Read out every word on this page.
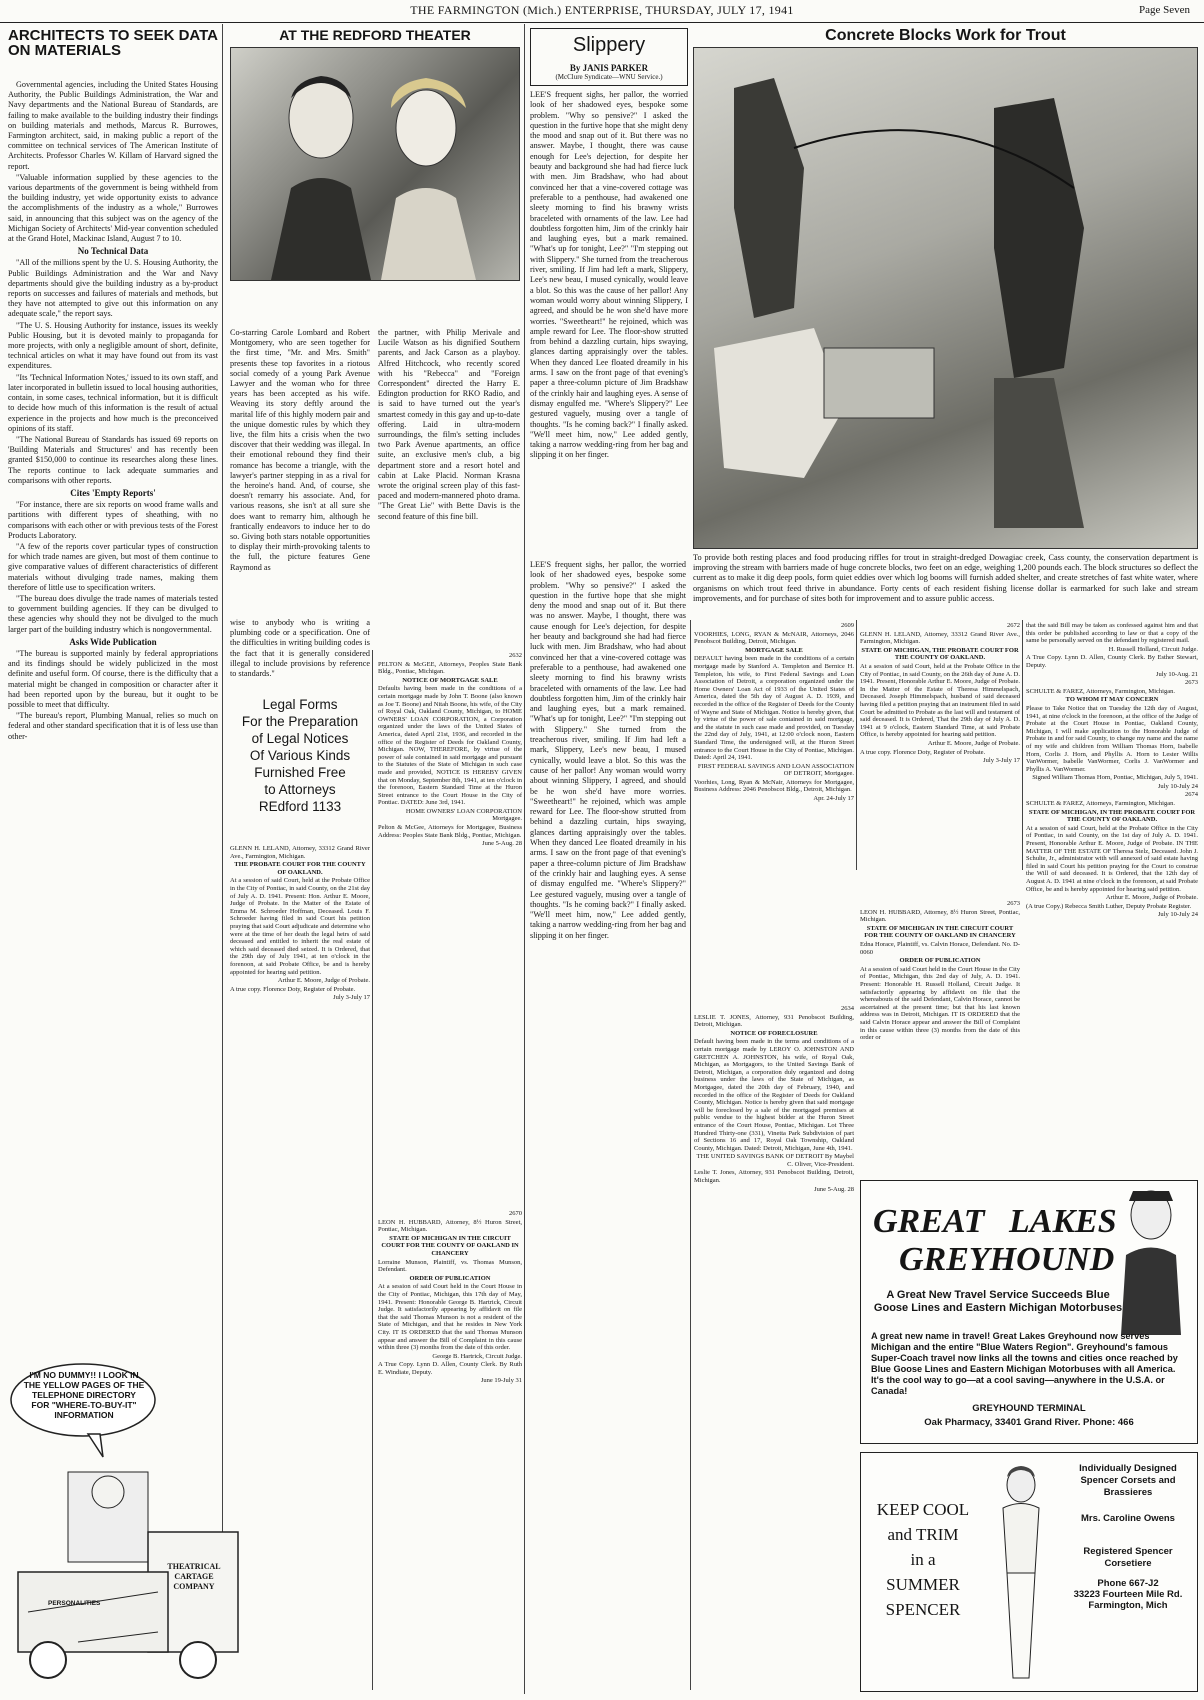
THE FARMINGTON (Mich.) ENTERPRISE, THURSDAY, JULY 17, 1941	Page Seven
ARCHITECTS TO SEEK DATA ON MATERIALS

Governmental agencies, including the United States Housing Authority, the Public Buildings Administration, the War and Navy departments and the National Bureau of Standards, are failing to make available to the building industry their findings on building materials and methods, Marcus R. Burrowes, Farmington architect, said, in making public a report of the committee on technical services of The American Institute of Architects. Professor Charles W. Killam of Harvard signed the report.

"Valuable information supplied by these agencies to the various departments of the government is being withheld from the building industry, yet wide opportunity exists to advance the accomplishments of the industry as a whole," Burrowes said, in announcing that this subject was on the agency of the Michigan Society of Architects' Mid-year convention scheduled at the Grand Hotel, Mackinac Island, August 7 to 10.

No Technical Data

"All of the millions spent by the U. S. Housing Authority, the Public Buildings Administration and the War and Navy departments should give the building industry as a by-product reports on successes and failures of materials and methods, but they have not attempted to give out this information on any adequate scale," the report says.

"The U. S. Housing Authority for instance, issues its weekly Public Housing, but it is devoted mainly to propaganda for more projects, with only a negligible amount of short, definite, technical articles on what it may have found out from its vast expenditures.

"Its 'Technical Information Notes,' issued to its own staff, and later incorporated in bulletin issued to local housing authorities, contain, in some cases, technical information, but it is difficult to decide how much of this information is the result of actual experience in the projects and how much is the preconceived opinions of its staff.

"The National Bureau of Standards has issued 69 reports on 'Building Materials and Structures' and has recently been granted $150,000 to continue its researches along these lines. The reports continue to lack adequate summaries and comparisons with other reports.

Cites 'Empty Reports'

"For instance, there are six reports on wood frame walls and partitions with different types of sheathing, with no comparisons with each other or with previous tests of the Forest Products Laboratory.

"A few of the reports cover particular types of construction for which trade names are given, but most of them continue to give comparative values of different characteristics of different materials without divulging trade names, making them therefore of little use to specification writers.

"The bureau does divulge the trade names of materials tested to government building agencies. If they can be divulged to these agencies why should they not be divulged to the much larger part of the building industry which is nongovernmental.

Asks Wide Publication

"The bureau is supported mainly by federal appropriations and its findings should be widely publicized in the most definite and useful form. Of course, there is the difficulty that a material might be changed in composition or character after it had been reported upon by the bureau, but it ought to be possible to meet that difficulty.

"The bureau's report, Plumbing Manual, relies so much on federal and other standard specification that it is of less use than other-

I'M NO DUMMY!! I LOOK IN THE YELLOW PAGES OF THE TELEPHONE DIRECTORY FOR "WHERE-TO-BUY-IT" INFORMATION
THEATRICAL CARTAGE COMPANY
PERSONALITIES
AT THE REDFORD THEATER
Co-starring Carole Lombard and Robert Montgomery, who are seen together for the first time, "Mr. and Mrs. Smith" presents these top favorites in a riotous social comedy of a young Park Avenue Lawyer and the woman who for three years has been accepted as his wife. Weaving its story deftly around the marital life of this highly modern pair and the unique domestic rules by which they live, the film hits a crisis when the two discover that their wedding was illegal. In their emotional rebound they find their romance has become a triangle, with the lawyer's partner stepping in as a rival for the heroine's hand. And, of course, she doesn't remarry his associate. And, for various reasons, she isn't at all sure she does want to remarry him, although he frantically endeavors to induce her to do so. Giving both stars notable opportunities to display their mirth-provoking talents to the full, the picture features Gene Raymond as
the partner, with Philip Merivale and Lucile Watson as his dignified Southern parents, and Jack Carson as a playboy. Alfred Hitchcock, who recently scored with his "Rebecca" and "Foreign Correspondent" directed the Harry E. Edington production for RKO Radio, and is said to have turned out the year's smartest comedy in this gay and up-to-date offering. Laid in ultra-modern surroundings, the film's setting includes two Park Avenue apartments, an office suite, an exclusive men's club, a big department store and a resort hotel and cabin at Lake Placid. Norman Krasna wrote the original screen play of this fast-paced and modern-mannered photo drama. "The Great Lie" with Bette Davis is the second feature of this fine bill.
wise to anybody who is writing a plumbing code or a specification. One of the difficulties in writing building codes is the fact that it is generally considered illegal to include provisions by reference to standards."
Legal Forms
For the Preparation
of Legal Notices
Of Various Kinds
Furnished Free
to Attorneys
REdford 1133

GLENN H. LELAND, Attorney, 33312 Grand River Ave., Farmington, Michigan.

THE PROBATE COURT FOR THE COUNTY OF OAKLAND.

At a session of said Court, held at the Probate Office in the City of Pontiac, in said County, on the 21st day of July A. D. 1941. Present: Hon. Arthur E. Moore, Judge of Probate. In the Matter of the Estate of Emma M. Schroeder Hoffman, Deceased. Louis F. Schroeder having filed in said Court his petition praying that said Court adjudicate and determine who were at the time of her death the legal heirs of said deceased and entitled to inherit the real estate of which said deceased died seized. It is Ordered, that the 29th day of July 1941, at ten o'clock in the forenoon, at said Probate Office, be and is hereby appointed for hearing said petition.

Arthur E. Moore, Judge of Probate.

A true copy. Florence Doty, Register of Probate.

July 3-July 17

2632

PELTON & McGEE, Attorneys, Peoples State Bank Bldg., Pontiac, Michigan.

NOTICE OF MORTGAGE SALE

Defaults having been made in the conditions of a certain mortgage made by John T. Boone (also known as Joe T. Boone) and Nitah Boone, his wife, of the City of Royal Oak, Oakland County, Michigan, to HOME OWNERS' LOAN CORPORATION, a Corporation organized under the laws of the United States of America, dated April 21st, 1936, and recorded in the office of the Register of Deeds for Oakland County, Michigan. NOW, THEREFORE, by virtue of the power of sale contained in said mortgage and pursuant to the Statutes of the State of Michigan in such case made and provided, NOTICE IS HEREBY GIVEN that on Monday, September 8th, 1941, at ten o'clock in the forenoon, Eastern Standard Time at the Huron Street entrance to the Court House in the City of Pontiac. DATED: June 3rd, 1941.

HOME OWNERS' LOAN CORPORATION Mortgagee.

Pelton & McGee, Attorneys for Mortgagee, Business Address: Peoples State Bank Bldg., Pontiac, Michigan.

June 5-Aug. 28

2670

LEON H. HUBBARD, Attorney, 8½ Huron Street, Pontiac, Michigan.

STATE OF MICHIGAN IN THE CIRCUIT COURT FOR THE COUNTY OF OAKLAND IN CHANCERY

Lorraine Munson, Plaintiff, vs. Thomas Munson, Defendant.

ORDER OF PUBLICATION

At a session of said Court held in the Court House in the City of Pontiac, Michigan, this 17th day of May, 1941. Present: Honorable George B. Hartrick, Circuit Judge. It satisfactorily appearing by affidavit on file that the said Thomas Munson is not a resident of the State of Michigan, and that he resides in New York City. IT IS ORDERED that the said Thomas Munson appear and answer the Bill of Complaint in this cause within three (3) months from the date of this order.

George B. Hartrick, Circuit Judge.

A True Copy. Lynn D. Allen, County Clerk. By Ruth E. Windiate, Deputy.

June 19-July 31

Slippery
By JANIS PARKER
(McClure Syndicate—WNU Service.)
LEE'S frequent sighs, her pallor, the worried look of her shadowed eyes, bespoke some problem. "Why so pensive?" I asked the question in the furtive hope that she might deny the mood and snap out of it. But there was no answer. Maybe, I thought, there was cause enough for Lee's dejection, for despite her beauty and background she had had fierce luck with men. Jim Bradshaw, who had about convinced her that a vine-covered cottage was preferable to a penthouse, had awakened one sleety morning to find his brawny wrists braceleted with ornaments of the law. Lee had doubtless forgotten him, Jim of the crinkly hair and laughing eyes, but a mark remained. "What's up for tonight, Lee?" "I'm stepping out with Slippery." She turned from the treacherous river, smiling. If Jim had left a mark, Slippery, Lee's new beau, I mused cynically, would leave a blot. So this was the cause of her pallor! Any woman would worry about winning Slippery, I agreed, and should be he won she'd have more worries. "Sweetheart!" he rejoined, which was ample reward for Lee. The floor-show strutted from behind a dazzling curtain, hips swaying, glances darting appraisingly over the tables. When they danced Lee floated dreamily in his arms. I saw on the front page of that evening's paper a three-column picture of Jim Bradshaw of the crinkly hair and laughing eyes. A sense of dismay engulfed me. "Where's Slippery?" Lee gestured vaguely, musing over a tangle of thoughts. "Is he coming back?" I finally asked. "We'll meet him, now," Lee added gently, taking a narrow wedding-ring from her bag and slipping it on her finger.
LEE'S frequent sighs, her pallor, the worried look of her shadowed eyes, bespoke some problem. "Why so pensive?" I asked the question in the furtive hope that she might deny the mood and snap out of it. But there was no answer. Maybe, I thought, there was cause enough for Lee's dejection, for despite her beauty and background she had had fierce luck with men. Jim Bradshaw, who had about convinced her that a vine-covered cottage was preferable to a penthouse, had awakened one sleety morning to find his brawny wrists braceleted with ornaments of the law. Lee had doubtless forgotten him, Jim of the crinkly hair and laughing eyes, but a mark remained. "What's up for tonight, Lee?" "I'm stepping out with Slippery." She turned from the treacherous river, smiling. If Jim had left a mark, Slippery, Lee's new beau, I mused cynically, would leave a blot. So this was the cause of her pallor! Any woman would worry about winning Slippery, I agreed, and should be he won she'd have more worries. "Sweetheart!" he rejoined, which was ample reward for Lee. The floor-show strutted from behind a dazzling curtain, hips swaying, glances darting appraisingly over the tables. When they danced Lee floated dreamily in his arms. I saw on the front page of that evening's paper a three-column picture of Jim Bradshaw of the crinkly hair and laughing eyes. A sense of dismay engulfed me. "Where's Slippery?" Lee gestured vaguely, musing over a tangle of thoughts. "Is he coming back?" I finally asked. "We'll meet him, now," Lee added gently, taking a narrow wedding-ring from her bag and slipping it on her finger.
Concrete Blocks Work for Trout
To provide both resting places and food producing riffles for trout in straight-dredged Dowagiac creek, Cass county, the conservation department is improving the stream with barriers made of huge concrete blocks, two feet on an edge, weighing 1,200 pounds each. The block structures so deflect the current as to make it dig deep pools, form quiet eddies over which log booms will furnish added shelter, and create stretches of fast white water, where organisms on which trout feed thrive in abundance. Forty cents of each resident fishing license dollar is earmarked for such lake and stream improvements, and for purchase of sites both for improvement and to assure public access.

2609

VOORHIES, LONG, RYAN & McNAIR, Attorneys, 2046 Penobscot Building, Detroit, Michigan.

MORTGAGE SALE

DEFAULT having been made in the conditions of a certain mortgage made by Stanford A. Templeton and Bernice H. Templeton, his wife, to First Federal Savings and Loan Association of Detroit, a corporation organized under the Home Owners' Loan Act of 1933 of the United States of America, dated the 5th day of August A. D. 1939, and recorded in the office of the Register of Deeds for the County of Wayne and State of Michigan. Notice is hereby given, that by virtue of the power of sale contained in said mortgage, and the statute in such case made and provided, on Tuesday the 22nd day of July, 1941, at 12:00 o'clock noon, Eastern Standard Time, the undersigned will, at the Huron Street entrance to the Court House in the City of Pontiac, Michigan. Dated: April 24, 1941.

FIRST FEDERAL SAVINGS AND LOAN ASSOCIATION OF DETROIT, Mortgagee.

Voorhies, Long, Ryan & McNair, Attorneys for Mortgagee, Business Address: 2046 Penobscot Bldg., Detroit, Michigan.

Apr. 24-July 17

2634

LESLIE T. JONES, Attorney, 931 Penobscot Building, Detroit, Michigan.

NOTICE OF FORECLOSURE

Default having been made in the terms and conditions of a certain mortgage made by LEROY O. JOHNSTON AND GRETCHEN A. JOHNSTON, his wife, of Royal Oak, Michigan, as Mortgagors, to the United Savings Bank of Detroit, Michigan, a corporation duly organized and doing business under the laws of the State of Michigan, as Mortgagee, dated the 20th day of February, 1940, and recorded in the office of the Register of Deeds for Oakland County, Michigan. Notice is hereby given that said mortgage will be foreclosed by a sale of the mortgaged premises at public vendue to the highest bidder at the Huron Street entrance of the Court House, Pontiac, Michigan. Lot Three Hundred Thirty-one (331), Vinetta Park Subdivision of part of Sections 16 and 17, Royal Oak Township, Oakland County, Michigan. Dated: Detroit, Michigan, June 4th, 1941.

THE UNITED SAVINGS BANK OF DETROIT By Maybel C. Oliver, Vice-President.

Leslie T. Jones, Attorney, 931 Penobscot Building, Detroit, Michigan.

June 5-Aug. 28

2672

GLENN H. LELAND, Attorney, 33312 Grand River Ave., Farmington, Michigan.

STATE OF MICHIGAN, THE PROBATE COURT FOR THE COUNTY OF OAKLAND.

At a session of said Court, held at the Probate Office in the City of Pontiac, in said County, on the 26th day of June A. D. 1941. Present, Honorable Arthur E. Moore, Judge of Probate. In the Matter of the Estate of Theresa Himmelspach, Deceased. Joseph Himmelspach, husband of said deceased having filed a petition praying that an instrument filed in said Court be admitted to Probate as the last will and testament of said deceased. It is Ordered, That the 29th day of July A. D. 1941 at 9 o'clock, Eastern Standard Time, at said Probate Office, is hereby appointed for hearing said petition.

Arthur E. Moore, Judge of Probate.

A true copy. Florence Doty, Register of Probate.

July 3-July 17

2673

LEON H. HUBBARD, Attorney, 8½ Huron Street, Pontiac, Michigan.

STATE OF MICHIGAN IN THE CIRCUIT COURT FOR THE COUNTY OF OAKLAND IN CHANCERY

Edna Horace, Plaintiff, vs. Calvin Horace, Defendant. No. D-0060

ORDER OF PUBLICATION

At a session of said Court held in the Court House in the City of Pontiac, Michigan, this 2nd day of July, A. D. 1941. Present: Honorable H. Russell Holland, Circuit Judge. It satisfactorily appearing by affidavit on file that the whereabouts of the said Defendant, Calvin Horace, cannot be ascertained at the present time; but that his last known address was in Detroit, Michigan. IT IS ORDERED that the said Calvin Horace appear and answer the Bill of Complaint in this cause within three (3) months from the date of this order or

that the said Bill may be taken as confessed against him and that this order be published according to law or that a copy of the same be personally served on the defendant by registered mail.

H. Russell Holland, Circuit Judge.

A True Copy. Lynn D. Allen, County Clerk. By Esther Stewart, Deputy.

July 10-Aug. 21

2673

SCHULTE & FAREZ, Attorneys, Farmington, Michigan.

TO WHOM IT MAY CONCERN

Please to Take Notice that on Tuesday the 12th day of August, 1941, at nine o'clock in the forenoon, at the office of the Judge of Probate at the Court House in Pontiac, Oakland County, Michigan, I will make application to the Honorable Judge of Probate in and for said County, to change my name and the name of my wife and children from William Thomas Horn, Isabelle Horn, Corlis J. Horn, and Phyllis A. Horn to Lester Willis VanWormer, Isabelle VanWormer, Corlis J. VanWormer and Phyllis A. VanWormer.

Signed William Thomas Horn, Pontiac, Michigan, July 5, 1941.

July 10-July 24

2674

SCHULTE & FAREZ, Attorneys, Farmington, Michigan.

STATE OF MICHIGAN, IN THE PROBATE COURT FOR THE COUNTY OF OAKLAND.

At a session of said Court, held at the Probate Office in the City of Pontiac, in said County, on the 1st day of July A. D. 1941. Present, Honorable Arthur E. Moore, Judge of Probate. IN THE MATTER OF THE ESTATE OF Theresa Stelz, Deceased. John J. Schulte, Jr., administrator with will annexed of said estate having filed in said Court his petition praying for the Court to construe the Will of said deceased. It is Ordered, that the 12th day of August A. D. 1941 at nine o'clock in the forenoon, at said Probate Office, be and is hereby appointed for hearing said petition.

Arthur E. Moore, Judge of Probate.

(A true Copy.) Rebecca Smith Luther, Deputy Probate Register.

July 10-July 24

GREAT LAKES
GREYHOUND
A Great New Travel Service Succeeds Blue Goose Lines and Eastern Michigan Motorbuses
A great new name in travel! Great Lakes Greyhound now serves Michigan and the entire "Blue Waters Region". Greyhound's famous Super-Coach travel now links all the towns and cities once reached by Blue Goose Lines and Eastern Michigan Motorbuses with all America. It's the cool way to go—at a cool saving—anywhere in the U.S.A. or Canada!
GREYHOUND TERMINAL
Oak Pharmacy, 33401 Grand River. Phone: 466
KEEP COOL
and TRIM
in a
SUMMER
SPENCER
Individually Designed Spencer Corsets and Brassieres
Mrs. Caroline Owens
Registered Spencer Corsetiere
Phone 667-J2
33223 Fourteen Mile Rd.
Farmington, Mich
